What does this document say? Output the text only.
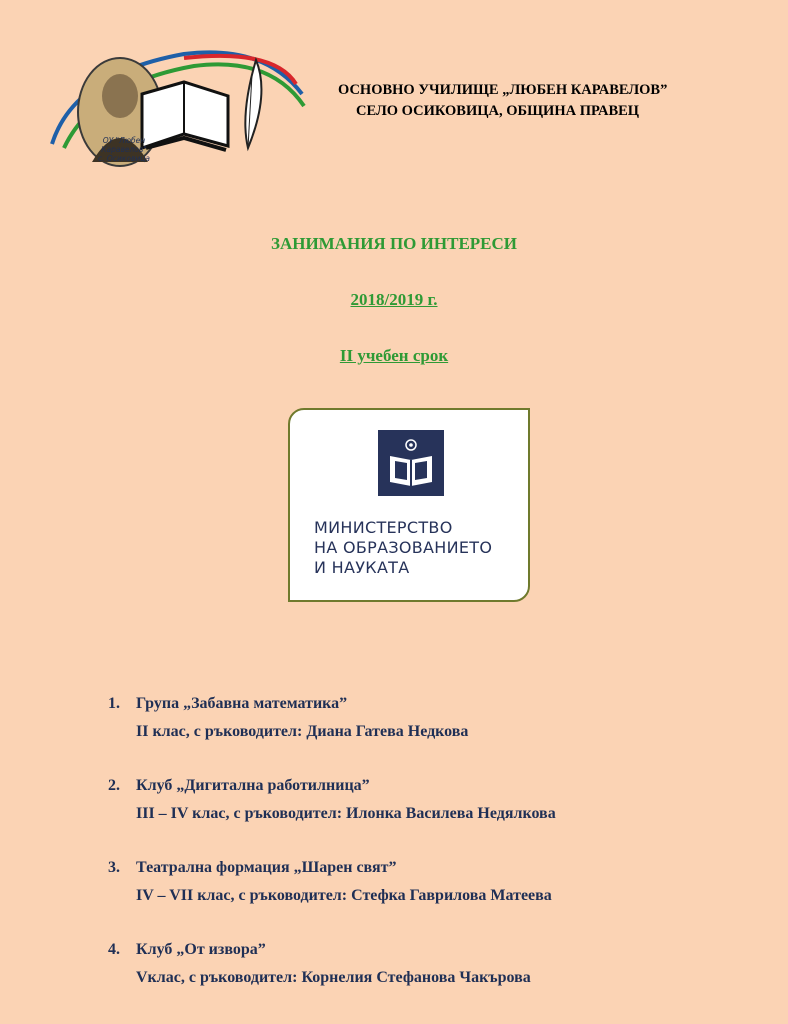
ОУ "Любен Каравелов"
с. Осиковица
ОСНОВНО УЧИЛИЩЕ „ЛЮБЕН КАРАВЕЛОВ”
СЕЛО ОСИКОВИЦА, ОБЩИНА ПРАВЕЦ
ЗАНИМАНИЯ ПО ИНТЕРЕСИ
2018/2019 г.
II учебен срок
МИНИСТЕРСТВО
НА ОБРАЗОВАНИЕТО
И НАУКАТА
1. Група „Забавна математика”
II клас, с ръководител: Диана Гатева Недкова
2. Клуб „Дигитална работилница”
III – IV клас, с ръководител: Илонка Василева Недялкова
3. Театрална формация „Шарен свят”
IV – VII клас, с ръководител: Стефка Гаврилова Матеева
4. Клуб „От извора”
Vклас, с ръководител: Корнелия Стефанова Чакърова
